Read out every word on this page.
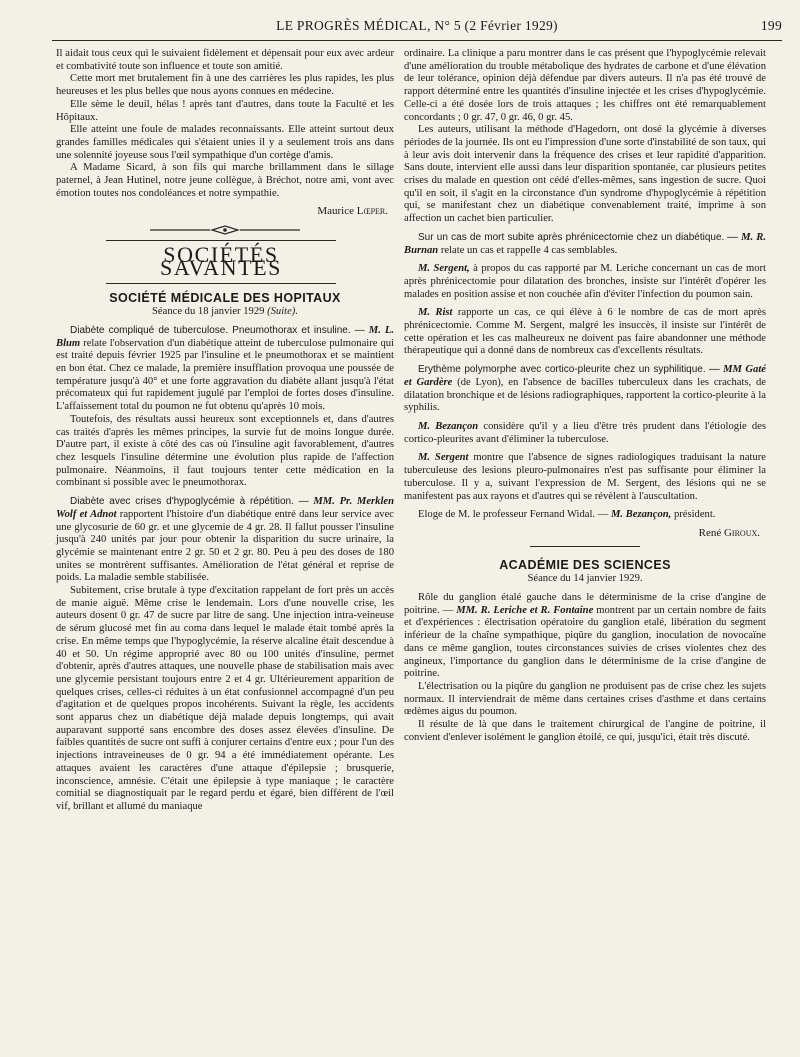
LE PROGRÈS MÉDICAL, N° 5 (2 Février 1929)	199

Il aidait tous ceux qui le suivaient fidèlement et dépensait pour eux avec ardeur et combativité toute son influence et toute son amitié.

Cette mort met brutalement fin à une des carrières les plus rapides, les plus heureuses et les plus belles que nous ayons connues en médecine.

Elle sème le deuil, hélas ! après tant d'autres, dans toute la Faculté et les Hôpitaux.

Elle atteint une foule de malades reconnaissants. Elle atteint surtout deux grandes familles médicales qui s'étaient unies il y a seulement trois ans dans une solennité joyeuse sous l'œil sympathique d'un cortège d'amis.

A Madame Sicard, à son fils qui marche brillamment dans le sillage paternel, à Jean Hutinel, notre jeune collègue, à Bréchot, notre ami, vont avec émotion toutes nos condoléances et notre sympathie.

Maurice Lœper.
SOCIÉTÉS SAVANTES
SOCIÉTÉ MÉDICALE DES HOPITAUX
Séance du 18 janvier 1929 (Suite).

Diabète compliqué de tuberculose. Pneumothorax et insuline. — M. L. Blum relate l'observation d'un diabétique atteint de tuberculose pulmonaire qui est traité depuis février 1925 par l'insuline et le pneumothorax et se maintient en bon état. Chez ce malade, la première insufflation provoqua une poussée de température jusqu'à 40° et une forte aggravation du diabète allant jusqu'à l'état précomateux qui fut rapidement jugulé par l'emploi de fortes doses d'insuline. L'affaissement total du poumon ne fut obtenu qu'après 10 mois.

Toutefois, des résultats aussi heureux sont exceptionnels et, dans d'autres cas traités d'après les mêmes principes, la survie fut de moins longue durée. D'autre part, il existe à côté des cas où l'insuline agit favorablement, d'autres chez lesquels l'insuline détermine une évolution plus rapide de l'affection pulmonaire. Néanmoins, il faut toujours tenter cette médication en la combinant si possible avec le pneumothorax.

Diabète avec crises d'hypoglycémie à répétition. — MM. Pr. Merklen Wolf et Adnot rapportent l'histoire d'un diabétique entré dans leur service avec une glycosurie de 60 gr. et une glycemie de 4 gr. 28. Il fallut pousser l'insuline jusqu'à 240 unités par jour pour obtenir la disparition du sucre urinaire, la glycémie se maintenant entre 2 gr. 50 et 2 gr. 80. Peu à peu des doses de 180 unites se montrèrent suffisantes. Amélioration de l'état général et reprise de poids. La maladie semble stabilisée.

Subitement, crise brutale à type d'excitation rappelant de fort près un accès de manie aiguë. Même crise le lendemain. Lors d'une nouvelle crise, les auteurs dosent 0 gr. 47 de sucre par litre de sang. Une injection intra-veineuse de sérum glucosé met fin au coma dans lequel le malade était tombé après la crise. En même temps que l'hypoglycémie, la réserve alcaline était descendue à 40 et 50. Un régime approprié avec 80 ou 100 unités d'insuline, permet d'obtenir, après d'autres attaques, une nouvelle phase de stabilisation mais avec une glycemie persistant toujours entre 2 et 4 gr. Ultérieurement apparition de quelques crises, celles-ci réduites à un état confusionnel accompagné d'un peu d'agitation et de quelques propos incohérents. Suivant la règle, les accidents sont apparus chez un diabétique déjà malade depuis longtemps, qui avait auparavant supporté sans encombre des doses assez élevées d'insuline. De faibles quantités de sucre ont suffi à conjurer certains d'entre eux ; pour l'un des injections intraveineuses de 0 gr. 94 a été immédiatement opérante. Les attaques avaient les caractères d'une attaque d'épilepsie ; brusquerie, inconscience, amnésie. C'était une épilepsie à type maniaque ; le caractère comitial se diagnostiquait par le regard perdu et égaré, bien différent de l'œil vif, brillant et allumé du maniaque

ordinaire. La clinique a paru montrer dans le cas présent que l'hypoglycémie relevait d'une amélioration du trouble métabolique des hydrates de carbone et d'une élévation de leur tolérance, opinion déjà défendue par divers auteurs. Il n'a pas été trouvé de rapport déterminé entre les quantités d'insuline injectée et les crises d'hypoglycémie. Celle-ci a été dosée lors de trois attaques ; les chiffres ont été remarquablement concordants ; 0 gr. 47, 0 gr. 46, 0 gr. 45.

Les auteurs, utilisant la méthode d'Hagedorn, ont dosé la glycémie à diverses périodes de la journée. Ils ont eu l'impression d'une sorte d'instabilité de son taux, qui à leur avis doit intervenir dans la fréquence des crises et leur rapidité d'apparition. Sans doute, intervient elle aussi dans leur disparition spontanée, car plusieurs petites crises du malade en question ont cédé d'elles-mêmes, sans ingestion de sucre. Quoi qu'il en soit, il s'agit en la circonstance d'un syndrome d'hypoglycémie à répétition qui, se manifestant chez un diabétique convenablement traité, imprime à son affection un cachet bien particulier.

Sur un cas de mort subite après phrénicectomie chez un diabétique. — M. R. Burnan relate un cas et rappelle 4 cas semblables.

M. Sergent, à propos du cas rapporté par M. Leriche concernant un cas de mort après phrénicectomie pour dilatation des bronches, insiste sur l'intérêt d'opérer les malades en position assise et non couchée afin d'éviter l'infection du poumon sain.

M. Rist rapporte un cas, ce qui élève à 6 le nombre de cas de mort après phrénicectomie. Comme M. Sergent, malgré les insuccès, il insiste sur l'intérêt de cette opération et les cas malheureux ne doivent pas faire abandonner une méthode thérapeutique qui a donné dans de nombreux cas d'excellents résultats.

Erythème polymorphe avec cortico-pleurite chez un syphilitique. — MM Gaté et Gardère (de Lyon), en l'absence de bacilles tuberculeux dans les crachats, de dilatation bronchique et de lésions radiographiques, rapportent la cortico-pleurite à la syphilis.

M. Bezançon considère qu'il y a lieu d'être très prudent dans l'étiologie des cortico-pleurites avant d'éliminer la tuberculose.

M. Sergent montre que l'absence de signes radiologiques traduisant la nature tuberculeuse des lesions pleuro-pulmonaires n'est pas suffisante pour éliminer la tuberculose. Il y a, suivant l'expression de M. Sergent, des lésions qui ne se manifestent pas aux rayons et d'autres qui se révèlent à l'auscultation.

Eloge de M. le professeur Fernand Widal. — M. Bezançon, président.

René Giroux.
ACADÉMIE DES SCIENCES
Séance du 14 janvier 1929.

Rôle du ganglion étalé gauche dans le déterminisme de la crise d'angine de poitrine. — MM. R. Leriche et R. Fontaine montrent par un certain nombre de faits et d'expériences : électrisation opératoire du ganglion etalé, libération du segment inférieur de la chaîne sympathique, piqûre du ganglion, inoculation de novocaïne dans ce même ganglion, toutes circonstances suivies de crises violentes chez des angineux, l'importance du ganglion dans le déterminisme de la crise d'angine de poitrine.

L'électrisation ou la piqûre du ganglion ne produisent pas de crise chez les sujets normaux. Il interviendrait de même dans certaines crises d'asthme et dans certains œdèmes aigus du poumon.

Il résulte de là que dans le traitement chirurgical de l'angine de poitrine, il convient d'enlever isolément le ganglion étoilé, ce qui, jusqu'ici, était très discuté.
